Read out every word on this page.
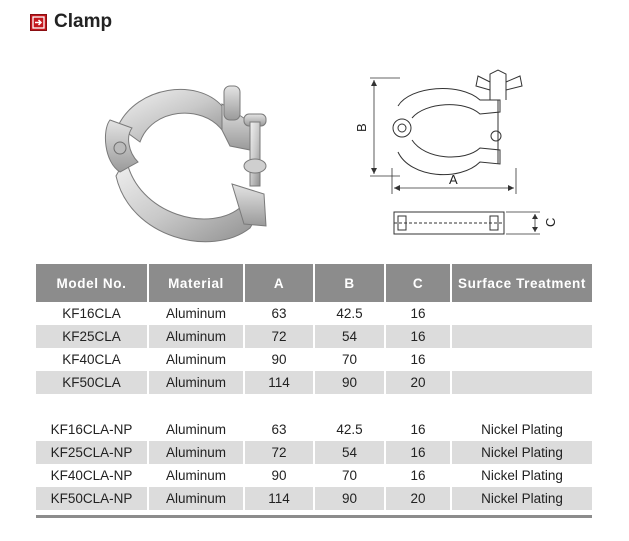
Clamp
B
A
C
Model No.	Material	A	B	C	Surface Treatment
KF16CLA	Aluminum	63	42.5	16	
KF25CLA	Aluminum	72	54	16	
KF40CLA	Aluminum	90	70	16	
KF50CLA	Aluminum	114	90	20	

KF16CLA-NP	Aluminum	63	42.5	16	Nickel Plating
KF25CLA-NP	Aluminum	72	54	16	Nickel Plating
KF40CLA-NP	Aluminum	90	70	16	Nickel Plating
KF50CLA-NP	Aluminum	114	90	20	Nickel Plating
